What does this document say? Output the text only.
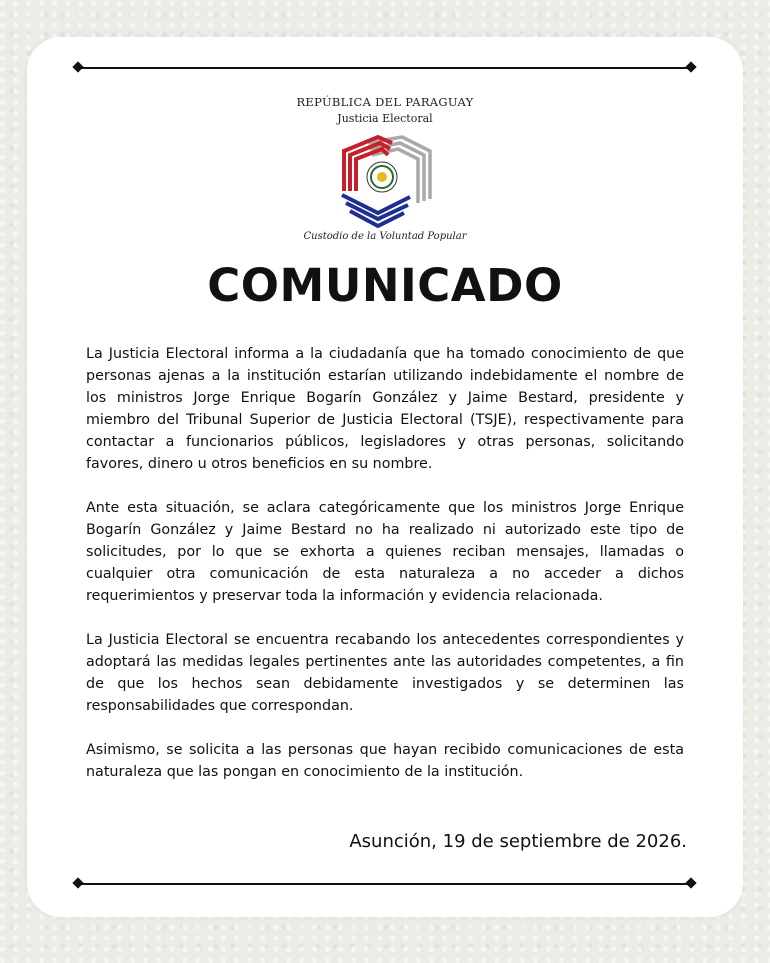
REPÚBLICA DEL PARAGUAY
Justicia Electoral
Custodio de la Voluntad Popular
COMUNICADO

La Justicia Electoral informa a la ciudadanía que ha tomado conocimiento de que personas ajenas a la institución estarían utilizando indebidamente el nombre de los ministros Jorge Enrique Bogarín González y Jaime Bestard, presidente y miembro del Tribunal Superior de Justicia Electoral (TSJE), respectivamente para contactar a funcionarios públicos, legisladores y otras personas, solicitando favores, dinero u otros beneficios en su nombre.

Ante esta situación, se aclara categóricamente que los ministros Jorge Enrique Bogarín González y Jaime Bestard no ha realizado ni autorizado este tipo de solicitudes, por lo que se exhorta a quienes reciban mensajes, llamadas o cualquier otra comunicación de esta naturaleza a no acceder a dichos requerimientos y preservar toda la información y evidencia relacionada.

La Justicia Electoral se encuentra recabando los antecedentes correspondientes y adoptará las medidas legales pertinentes ante las autoridades competentes, a fin de que los hechos sean debidamente investigados y se determinen las responsabilidades que correspondan.

Asimismo, se solicita a las personas que hayan recibido comunicaciones de esta naturaleza que las pongan en conocimiento de la institución.

Asunción, 19 de septiembre de 2026.
